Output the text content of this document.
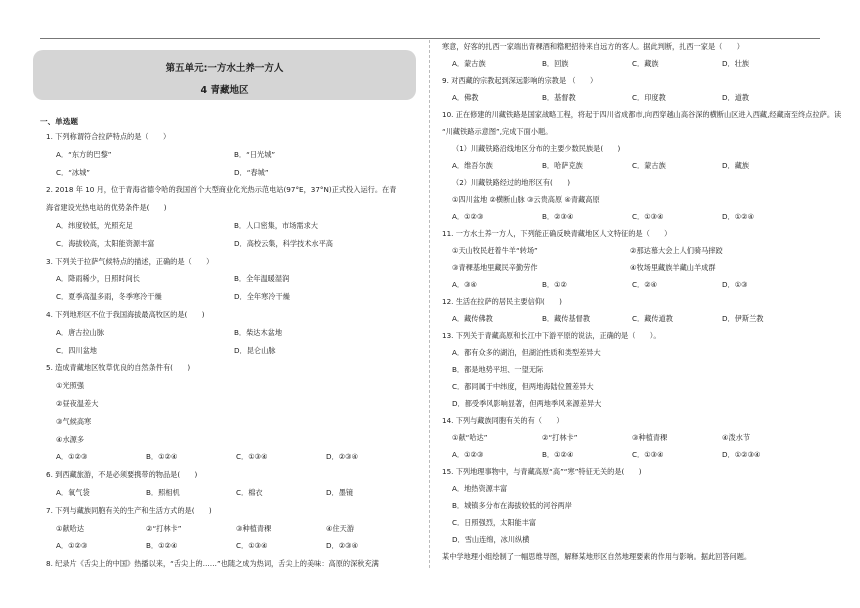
第五单元:一方水土养一方人
4 青藏地区
一、单选题
1. 下列称谓符合拉萨特点的是（　　）
A．“东方的巴黎”	B．“日光城”
C．“冰城”	D．“春城”
2. 2018 年 10 月，位于青海省德令哈的我国首个大型商业化光热示范电站(97°E，37°N)正式投入运行。在青
海省建设光热电站的优势条件是(　　)
A．纬度较低，光照充足	B．人口密集，市场需求大
C．海拔较高，太阳能资源丰富	D．高校云集，科学技术水平高
3. 下列关于拉萨气候特点的描述，正确的是（　　）
A．降雨稀少，日照时间长	B．全年温暖湿润
C．夏季高温多雨，冬季寒冷干燥	D．全年寒冷干燥
4. 下列地形区不位于我国海拔最高牧区的是(　　)
A．唐古拉山脉	B．柴达木盆地
C．四川盆地	D．昆仑山脉
5. 造成青藏地区牧草优良的自然条件有(　　)
①光照强
②昼夜温差大
③气候高寒
④水源多
A．①②③	B．①②④	C．①③④	D．②③④
6. 到西藏旅游，不是必须要携带的物品是(　　)
A．氧气袋	B．照相机	C．棉衣	D．墨镜
7. 下列与藏族同胞有关的生产和生活方式的是(　　)
①献哈达	②“打林卡”	③种植青稞	④住天游
A．①②③	B．①②④	C．①③④	D．②③④
8. 纪录片《舌尖上的中国》热播以来，“舌尖上的……”也随之成为热词，舌尖上的美味：高原的深秋充满
寒意，好客的扎西一家端出青稞酒和糌粑招待来自远方的客人。据此判断，扎西一家是（　　）
A．蒙古族	B．回族	C．藏族	D．壮族
9. 对西藏的宗教起到深远影响的宗教是 （　　）
A．佛教	B．基督教	C．印度教	D．道教
10. 正在修建的川藏铁路是国家战略工程，将起于四川省成都市,向西穿越山高谷深的横断山区进入西藏,经藏南至终点拉萨。读
“川藏铁路示意图”,完成下面小题。
（1）川藏铁路沿线地区分布的主要少数民族是(　　)
A．维吾尔族	B．哈萨克族	C．蒙古族	D．藏族
（2）川藏铁路经过的地形区有(　　)
①四川盆地 ②横断山脉 ③云贵高原 ④青藏高原
A．①②③	B．②③④	C．①③④	D．①②④
11. 一方水土养一方人，下列能正确反映青藏地区人文特征的是（　　）
①天山牧民赶着牛羊“转场”	②那达慕大会上人们骑马摔跤
③青稞基地里藏民辛勤劳作	④牧场里藏族羊藏山羊成群
A．③④	B．①②	C．②④	D．①③
12. 生活在拉萨的居民主要信仰(　　)
A．藏传佛教	B．藏传基督教	C．藏传道教	D．伊斯兰教
13. 下列关于青藏高原和长江中下游平原的说法，正确的是（　　）。
A．都有众多的湖泊，但湖泊性质和类型差异大
B．都是地势平坦、一望无际
C．都同属于中纬度，但两地海陆位置差异大
D．都受季风影响显著，但两地季风来源差异大
14. 下列与藏族同胞有关的有（　　）
①献“哈达”	②“打林卡”	③种植青稞	④泼水节
A．①②③	B．①②④	C．①③④	D．①②③④
15. 下列地理事物中，与青藏高原“高”“寒”特征无关的是(　　)
A．地热资源丰富
B．城镇多分布在海拔较低的河谷两岸
C．日照强烈，太阳能丰富
D．雪山连绵，冰川纵横
某中学地理小组绘制了一幅思维导图，解释某地形区自然地理要素的作用与影响。据此回答问题。
